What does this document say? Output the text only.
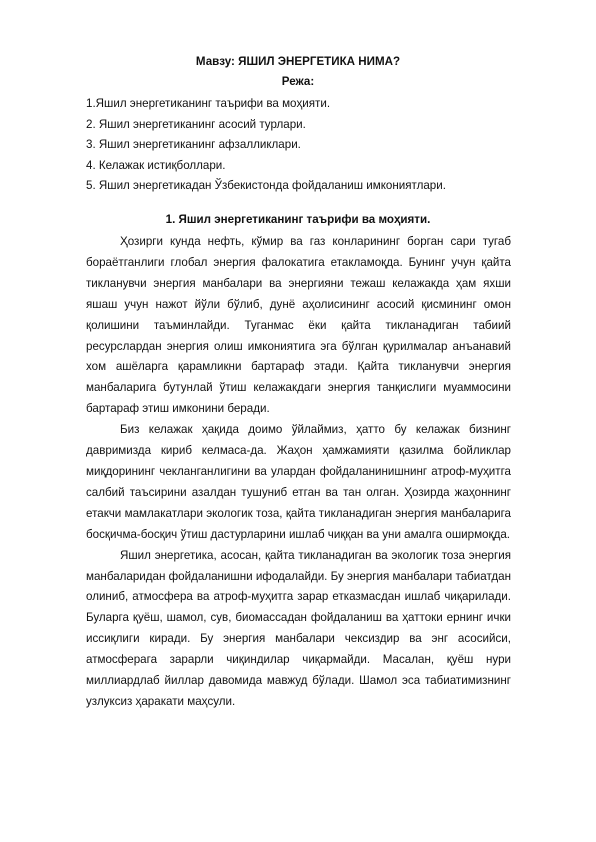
Мавзу: ЯШИЛ ЭНЕРГЕТИКА НИМА?
Режа:
1.Яшил энергетиканинг таърифи ва моҳияти.
2. Яшил энергетиканинг асосий турлари.
3. Яшил энергетиканинг афзалликлари.
4. Келажак истиқболлари.
5. Яшил энергетикадан Ўзбекистонда фойдаланиш имкониятлари.
1. Яшил энергетиканинг таърифи ва моҳияти.

Ҳозирги кунда нефть, кўмир ва газ конларининг борган сари тугаб бораётганлиги глобал энергия фалокатига етакламоқда. Бунинг учун қайта тикланувчи энергия манбалари ва энергияни тежаш келажакда ҳам яхши яшаш учун нажот йўли бўлиб, дунё аҳолисининг асосий қисмининг омон қолишини таъминлайди. Туганмас ёки қайта тикланадиган табиий ресурслардан энергия олиш имкониятига эга бўлган қурилмалар анъанавий хом ашёларга қарамликни бартараф этади. Қайта тикланувчи энергия манбаларига бутунлай ўтиш келажакдаги энергия танқислиги муаммосини бартараф этиш имконини беради.

Биз келажак ҳақида доимо ўйлаймиз, ҳатто бу келажак бизнинг давримизда кириб келмаса-да. Жаҳон ҳамжамияти қазилма бойликлар миқдорининг чекланганлигини ва улардан фойдаланинишнинг атроф-муҳитга салбий таъсирини азалдан тушуниб етган ва тан олган. Ҳозирда жаҳоннинг етакчи мамлакатлари экологик тоза, қайта тикланадиган энергия манбаларига босқичма-босқич ўтиш дастурларини ишлаб чиққан ва уни амалга оширмоқда.

Яшил энергетика, асосан, қайта тикланадиган ва экологик тоза энергия манбаларидан фойдаланишни ифодалайди. Бу энергия манбалари табиатдан олиниб, атмосфера ва атроф-муҳитга зарар етказмасдан ишлаб чиқарилади. Буларга қуёш, шамол, сув, биомассадан фойдаланиш ва ҳаттоки ернинг ички иссиқлиги киради. Бу энергия манбалари чексиздир ва энг асосийси, атмосферага зарарли чиқиндилар чиқармайди. Масалан, қуёш нури миллиардлаб йиллар давомида мавжуд бўлади. Шамол эса табиатимизнинг узлуксиз ҳаракати маҳсули.
